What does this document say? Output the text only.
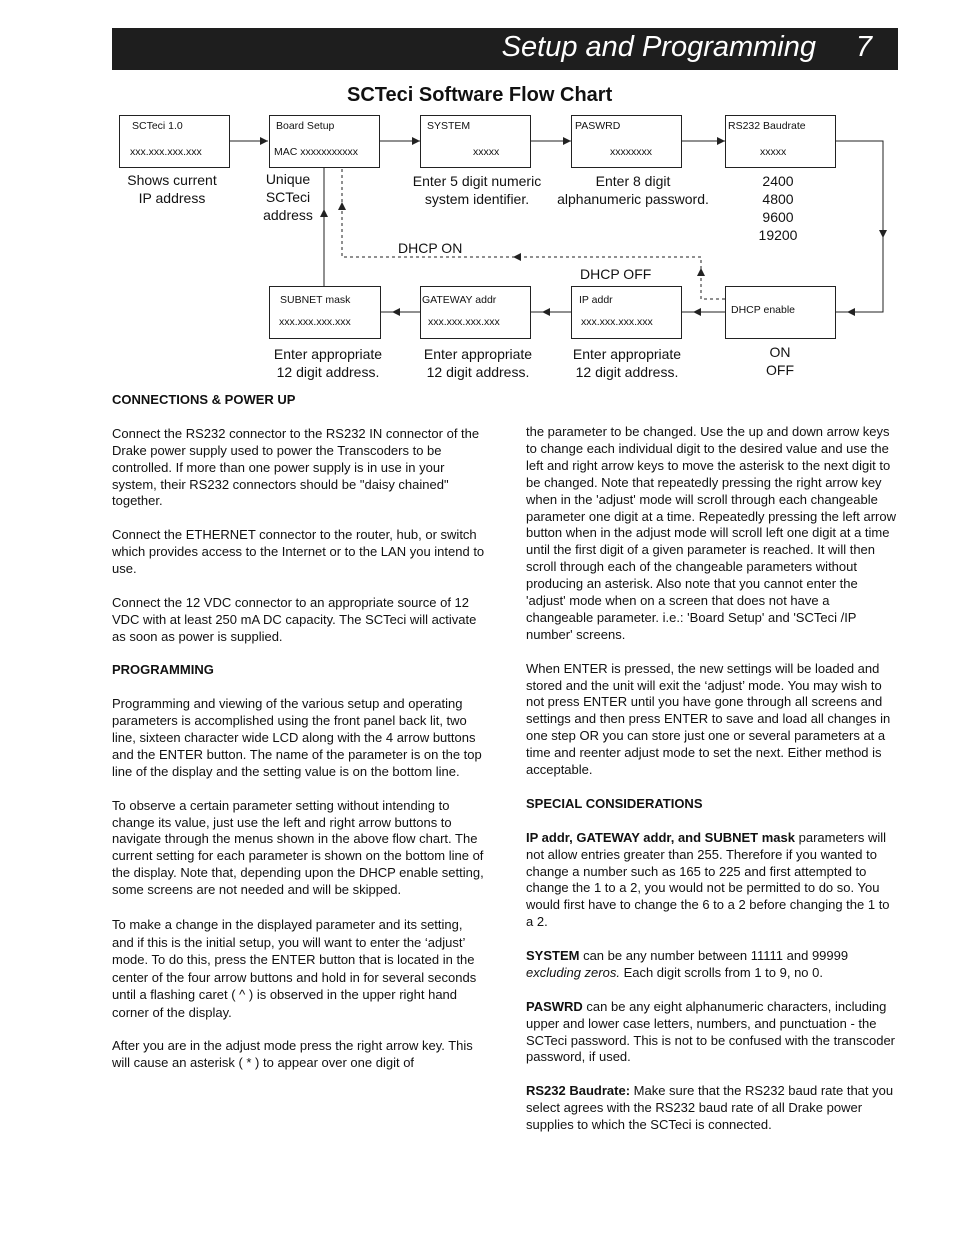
Setup and Programming 7
SCTeci Software Flow Chart
SCTeci 1.0
xxx.xxx.xxx.xxx
Board Setup
MAC xxxxxxxxxxx
SYSTEM
xxxxx
PASWRD
xxxxxxxx
RS232 Baudrate
xxxxx
SUBNET mask
xxx.xxx.xxx.xxx
GATEWAY addr
xxx.xxx.xxx.xxx
IP addr
xxx.xxx.xxx.xxx
DHCP enable
Shows current
IP address
Unique
SCTeci
address
Enter 5 digit numeric
system identifier.
Enter 8 digit
alphanumeric password.
2400
4800
9600
19200
DHCP ON
DHCP OFF
Enter appropriate
12 digit address.
Enter appropriate
12 digit address.
Enter appropriate
12 digit address.
ON
OFF
CONNECTIONS & POWER UP

Connect the RS232 connector to the RS232 IN connector of the Drake power supply used to power the Transcoders to be controlled. If more than one power supply is in use in your system, their RS232 connectors should be "daisy chained" together.

Connect the ETHERNET connector to the router, hub, or switch which provides access to the Internet or to the LAN you intend to use.

Connect the 12 VDC connector to an appropriate source of 12 VDC with at least 250 mA DC capacity. The SCTeci will activate as soon as power is supplied.

PROGRAMMING

Programming and viewing of the various setup and operating parameters is accomplished using the front panel back lit, two line, sixteen character wide LCD along with the 4 arrow buttons and the ENTER button. The name of the parameter is on the top line of the display and the setting value is on the bottom line.

To observe a certain parameter setting without intending to change its value, just use the left and right arrow buttons to navigate through the menus shown in the above flow chart. The current setting for each parameter is shown on the bottom line of the display. Note that, depending upon the DHCP enable setting, some screens are not needed and will be skipped.

To make a change in the displayed parameter and its setting, and if this is the initial setup, you will want to enter the ‘adjust’ mode. To do this, press the ENTER button that is located in the center of the four arrow buttons and hold in for several seconds until a flashing caret ( ^ ) is observed in the upper right hand corner of the display.

After you are in the adjust mode press the right arrow key. This will cause an asterisk ( * ) to appear over one digit of

the parameter to be changed. Use the up and down arrow keys to change each individual digit to the desired value and use the left and right arrow keys to move the asterisk to the next digit to be changed. Note that repeatedly pressing the right arrow key when in the 'adjust' mode will scroll through each changeable parameter one digit at a time. Repeatedly pressing the left arrow button when in the adjust mode will scroll left one digit at a time until the first digit of a given parameter is reached. It will then scroll through each of the changeable parameters without producing an asterisk. Also note that you cannot enter the 'adjust' mode when on a screen that does not have a changeable parameter. i.e.: 'Board Setup' and 'SCTeci /IP number' screens.

When ENTER is pressed, the new settings will be loaded and stored and the unit will exit the ‘adjust’ mode. You may wish to not press ENTER until you have gone through all screens and settings and then press ENTER to save and load all changes in one step OR you can store just one or several parameters at a time and reenter adjust mode to set the next. Either method is acceptable.

SPECIAL CONSIDERATIONS

IP addr, GATEWAY addr, and SUBNET mask parameters will not allow entries greater than 255. Therefore if you wanted to change a number such as 165 to 225 and first attempted to change the 1 to a 2, you would not be permitted to do so. You would first have to change the 6 to a 2 before changing the 1 to a 2.

SYSTEM can be any number between 11111 and 99999 excluding zeros. Each digit scrolls from 1 to 9, no 0.

PASWRD can be any eight alphanumeric characters, including upper and lower case letters, numbers, and punctuation - the SCTeci password. This is not to be confused with the transcoder password, if used.

RS232 Baudrate: Make sure that the RS232 baud rate that you select agrees with the RS232 baud rate of all Drake power supplies to which the SCTeci is connected.
